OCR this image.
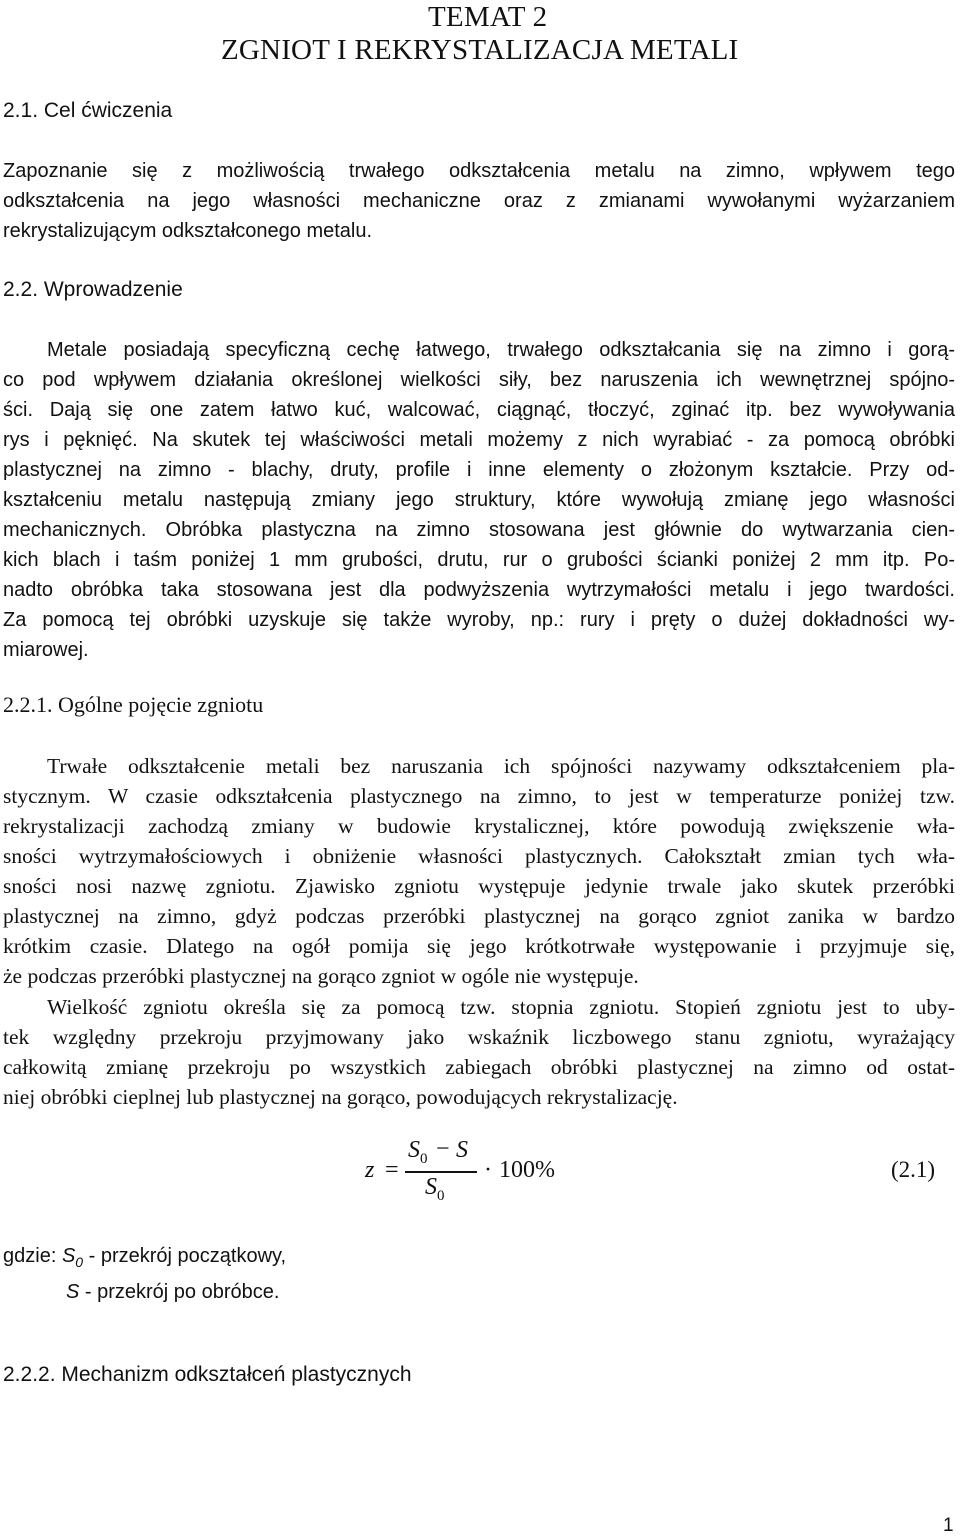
TEMAT 2
ZGNIOT I REKRYSTALIZACJA METALI
2.1. Cel ćwiczenia
Zapoznanie się z możliwością trwałego odkształcenia metalu na zimno, wpływem tego
odkształcenia na jego własności mechaniczne oraz z zmianami wywołanymi wyżarzaniem
rekrystalizującym odkształconego metalu.
2.2. Wprowadzenie
Metale posiadają specyficzną cechę łatwego, trwałego odkształcania się na zimno i gorą-
co pod wpływem działania określonej wielkości siły, bez naruszenia ich wewnętrznej spójno-
ści. Dają się one zatem łatwo kuć, walcować, ciągnąć, tłoczyć, zginać itp. bez wywoływania
rys i pęknięć. Na skutek tej właściwości metali możemy z nich wyrabiać - za pomocą obróbki
plastycznej na zimno - blachy, druty, profile i inne elementy o złożonym kształcie. Przy od-
kształceniu metalu następują zmiany jego struktury, które wywołują zmianę jego własności
mechanicznych. Obróbka plastyczna na zimno stosowana jest głównie do wytwarzania cien-
kich blach i taśm poniżej 1 mm grubości, drutu, rur o grubości ścianki poniżej 2 mm itp. Po-
nadto obróbka taka stosowana jest dla podwyższenia wytrzymałości metalu i jego twardości.
Za pomocą tej obróbki uzyskuje się także wyroby, np.: rury i pręty o dużej dokładności wy-
miarowej.
2.2.1. Ogólne pojęcie zgniotu
Trwałe odkształcenie metali bez naruszania ich spójności nazywamy odkształceniem pla-
stycznym. W czasie odkształcenia plastycznego na zimno, to jest w temperaturze poniżej tzw.
rekrystalizacji zachodzą zmiany w budowie krystalicznej, które powodują zwiększenie wła-
sności wytrzymałościowych i obniżenie własności plastycznych. Całokształt zmian tych wła-
sności nosi nazwę zgniotu. Zjawisko zgniotu występuje jedynie trwale jako skutek przeróbki
plastycznej na zimno, gdyż podczas przeróbki plastycznej na gorąco zgniot zanika w bardzo
krótkim czasie. Dlatego na ogół pomija się jego krótkotrwałe występowanie i przyjmuje się,
że podczas przeróbki plastycznej na gorąco zgniot w ogóle nie występuje.
Wielkość zgniotu określa się za pomocą tzw. stopnia zgniotu. Stopień zgniotu jest to uby-
tek względny przekroju przyjmowany jako wskaźnik liczbowego stanu zgniotu, wyrażający
całkowitą zmianę przekroju po wszystkich zabiegach obróbki plastycznej na zimno od ostat-
niej obróbki cieplnej lub plastycznej na gorąco, powodujących rekrystalizację.
z =
$S_0 - S$
$S_0$
· 100%	(2.1)
gdzie: $S_0$ - przekrój początkowy,
S - przekrój po obróbce.
2.2.2. Mechanizm odkształceń plastycznych
1
